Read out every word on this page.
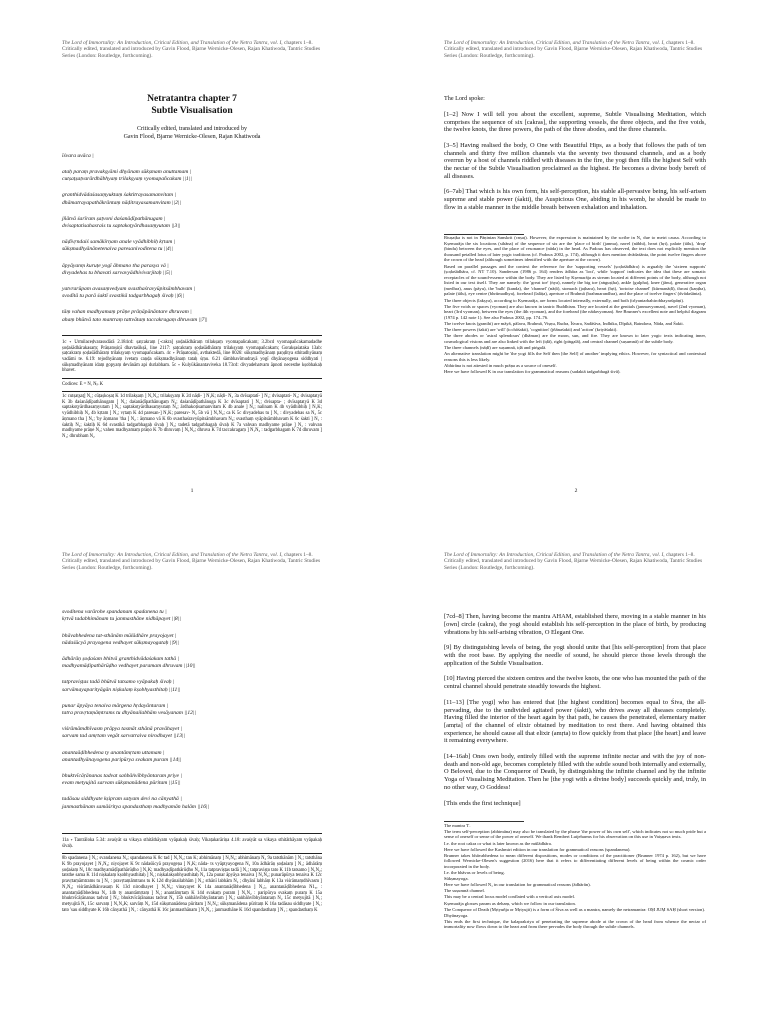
The Lord of Immortality: An Introduction, Critical Edition, and Translation of the Netra Tantra, vol. I, chapters 1–8. Critically edited, translated and introduced by Gavin Flood, Bjarne Wernicke-Olesen, Rajan Khatiwoda, Tantric Studies Series (London: Routledge, forthcoming).
Netratantra chapter 7
Subtle Visualisation
Critically edited, translated and introduced by
Gavin Flood, Bjarne Wernicke-Olesen, Rajan Khatiwoda
īśvara uvāca |
ataḥ paraṃ pravakṣyāmi dhyānam sūkṣmam anuttamam |
cutṣaṭṣaṭvarārdhābhyaṃ trilakṣyaṃ vyomapañcakam ||1||
granthidvādaśasaṃyuktaṃ śaktitrayasamanvitam |
dhāmatrayapathākrāntaṃ nāḍitrayasamanvitam ||2||
jñātvā śarīram ṣaṭvoni daśanāḍīpathānugam |
dvisaptatisahasrais tu saptakoṭyārdhasaṃyutam ||3||
nāḍīvṛndaiś samākīrṇam anale vyādhibhiḥ kṛtam |
sūkṣmadhyānānetenaiva paresanivoditena tu ||4||
āpyāyanṃ kuruṭe yogī āhmano tha parasya vā |
divyadehas tu bhavati sarvavyādhivivarjitaḥ ||5||
yatvrarūpam avasaṃvedyam svasthaśravyūpitsāmbhavam |
svodītā tu parā śaktī svastikā tadgarbhagaḥ śivaḥ ||6||
tāṃ vahan madhyamaṃ prāṇe prāṇāpānāntare dhruvam |
ahaṃ bhūtvā tato mantraṃ tattvātaṃ taccakragaṃ dhruvam ||7||
1c ∘ Urmilaceḍvarasudārā 2.184cd: ṣaṭcakraṃ [-cakra] ṣoḍaśādhāraṃ trilakṣaṃ vyomapañcakam; 3.2bcd vyomapañcakamadadhe ṣoḍaśādhārakasaṃ; Prāṇatoṣiṇī dhavtaśikṣā, line 2117: ṣaṭcakraṃ ṣoḍaśādhāraṃ trilakṣyaṃ vyomapañcakam; Gorakṣaśataka 13ab: ṣaṭcakraṃ ṣoḍaśādhāraṃ trilakṣyaṃ vyomapañcakam. 4c ∘ Prāṇatoṣiṇī, avtbaktedā, line 8026: sūkṣmadhyānaṃ paṇḍitya sthitadhyānaṃ vadāmi te. 6.19: tejodhyānaṃ ivetaṃ caṇḍa sūkṣmadhyānaṃ tataḥ śṛṇu. 6.21 śāmbhavīmudrayā yogī dhyānayogena siddhyati | sūkṣmadhyānam idaṃ gopyaṃ devānām api durlabham. 5c ∘ Kulyūkānantaviveka 18.73cd: divyadehatvam āpnoti necesthe kṣobhakaḥ bhavet.
Codices: E = N, Nₚ K
1c cutṣaṭṣaṭ] N₁; cūṭaṣkoṣaṭ K 1d trilakṣaṃ ] N₁N₂; trilakṣyaṃ K 2d nāḍi- ] N₁K; nāḍi- N₂ 3a dvīsaptatī- ] N₁; dvisaptati- N₂; dvisaptatyā K 3b daśanāḍīpathānugam ] N₁; daśanāḍīpathānugaṃ N₂; daśanāḍīpathānuga K 3c dvīsaptati ] N₁; dvisapta- ; dvīsaptatyā K 3d saptakoṭyārdhasaṃyutam ] N₁; saptakoṭyārdhasaṃyutaṃ N₂; ārdhakoṭisamanvitam K 4b anale ] N₁; nalinam K 4b vyādhibhiḥ ] N₁K; vyādhibhiḥ N₂ 4b kṛtam ] N₁; vṛtaṃ K 4d paresan-] N₁K; paresav- N₂ 5b vā ] N₁N₂; ca K 5c divyadehas tu ] N₁ : divyadehas sa N₂ 5c āṇmano tha ] N₁; 'by āṇmano 'tha ] N₂ : āṇmano vā K 6b svasthaśravyūpitsāmbhavam N₂; svasthaṃ syāpitsāmbhavam K 6c śakti ] N₁ : śaktiḥ N₂; śaktiḥ K 6d svastikā tadgarbhagaḥ śivaḥ ] N₂; tadetā tadgarbhagaḥ śivaḥ K 7a vahvan madhyame prāṇe ] N₁ : vahvan madhyame prāṇe N₂; vahen madhyamaṃ prāṇo K 7b dhruvaṃ ] N₁N₂; dhruva K 7d taccakragaṃ ] N₁N₂ : tadgarbhagam K 7d dhruvam ] N₁; dhrubham N₂
1
The Lord of Immortality: An Introduction, Critical Edition, and Translation of the Netra Tantra, vol. I, chapters 1–8. Critically edited, translated and introduced by Gavin Flood, Bjarne Wernicke-Olesen, Rajan Khatiwoda, Tantric Studies Series (London: Routledge, forthcoming).
The Lord spoke:
[1–2] Now I will tell you about the excellent, supreme, Subtle Visualising Meditation, which comprises the sequence of six [cakras], the supporting vessels, the three objects, and the five voids, the twelve knots, the three powers, the path of the three abodes, and the three channels.
[3–5] Having realised the body, O One with Beautiful Hips, as a body that follows the path of ten channels and thirty five million channels via the seventy two thousand channels, and as a body overrun by a host of channels riddled with diseases in the fire, the yogi then fills the highest Self with the nectar of the Subtle Visualisation proclaimed as the highest. He becomes a divine body bereft of all diseases.
[6–7ab] That which is his own form, his self-perception, his stable all-pervasive being, his self-arisen supreme and stable power (śakti), the Auspicious One, abiding in his womb, he should be made to flow in a stable manner in the middle breath between exhalation and inhalation.
Rtuṣaṭka is not in Pāṇinian Sanskrit (cnṣaṭ). However, the expression is maintained by the scribe in N₁ due to metri causa. According to Kṣemarāja the six locations (sthāna) of the sequence of six are the 'place of birth' (janma), navel (nābhi), heart (hṛt), palate (tālu), 'drop' (bindu) between the eyes, and the place of resonance (nāda) in the head. As Padoux has observed, the text does not explicitly mention the thousand petalled lotus of later yogic traditions (cf. Padoux 2002, p. 174), although it does mention dvādaśānta, the point twelve fingers above the crown of the head (although sometimes identified with the aperture at the crown).
Based on parallel passages and the context the reference for the 'supporting vessels' (ṣoḍaśādhāra) is arguably the 'sixteen supports' (ṣoḍaśādhāra, cf. NT 7.10). Sanderson (1986 p. 164) renders ādhāra as 'loci', while 'support' indicates the idea that these are somatic receptacles of the sound-essence within the body. They are listed by Kṣemarāja as stream located at different points of the body, although not listed in our text itself. They are namely: the 'great toe' (ṅya), namely the big toe (aṅguṣṭha), ankle (gulpha), knee (jānu), generative organ (medhra), anus (pāyu), the 'bulb' (kanda), the 'channel' (nāḍi), stomach (jaṭhara), heart (hṛt), 'tortoise channel' (kūrmanāḍī), throat (kaṇṭha), palate (tālu), eye centre (bhrūmadhya), forehead (lalāṭa), aperture of Brahmā (brahmarandhra), and the place of twelve fingers' (dvādaśānta).
The three objects (lakṣya), according to Kṣemarāja, are forms located internally, externally, and both (trlyantarbahirobhayarūpāṇi).
The five voids or spaces (vyoman) are also known in tantric Buddhism. They are located at the genitals (janmavyoman), navel (2nd vyoman), heart (3rd vyoman), between the eyes (the 4th vyoman), and the forehead (the nādavyoman). See Brunner's excellent note and helpful diagram (1974 p. 142 note 1). See also Padoux 2002, pp. 174–76.
The twelve knots (granthi) are māyā, pālava, Brahmā, Viṣṇu, Rudra, Īśvara, Sadāśiva, Indhika, Dīpikā, Baindava, Nāda, and Śakti.
The three powers (śakti) are 'will' (icchāśakti), 'cognition' (jñānaśakti) and 'action' (kriyāśakti).
The three abodes or 'astral splendours' (dhāman) are the moon, sun, and fire. They are known to later yogic texts indicating inner, cosmological visions and are also linked with the left (iḍā), right (piṅgalā), and central channel (suṣumnā) of the subtle body.
The three channels (nāḍī) are suṣumnā, iḍā and piṅgalā.
An alternative translation might be 'the yogi fills the Self then [the Self] of another' implying ethics. However, for syntactical and contextual reasons this is less likely.
Abhirāna is not attested in much prāṇa as a source of oneself.
Here we have followed K in our translation for grammatical reasons (sadaktā tadgarbhagā śivā).
2
The Lord of Immortality: An Introduction, Critical Edition, and Translation of the Netra Tantra, vol. I, chapters 1–8. Critically edited, translated and introduced by Gavin Flood, Bjarne Wernicke-Olesen, Rajan Khatiwoda, Tantric Studies Series (London: Routledge, forthcoming).
svoditena varārohe spandanam spadanena tu |
kṛtvā tadabhimānam tu janmasthāne nidhāpayet ||8||
bhāvabhedena tat-sthānām mūlādhāre prayojayet |
nādaśūcyā prayogena vedhayet sūkṣmayogataḥ ||9||
ādhārāṇ ṣoḍaśam bhitvā granthidvādaśakam tathā |
madhyamāḍipathārūḍho vedhayet paramam dhruvam ||10||
tatpraviṣṭas tadā bhūtvā tatsamo vyāpakaḥ śivaḥ |
sarvāmayaparityāgān niṣkalaṃ kṣobhyasthitaḥ ||11||
punar āpyāya tenaiva mārgena hṛdayāntaram |
tatra pravṛtaṃāṃtrams tu dhyānailabhām vesāyanam ||12||
viśrāmāmdhīvasm prāpya tasmāt sthānā pravāhayet |
sarvam tad amṛtam vegāt sarvatraiva nirodhayet ||13||
anantaāḍibhedena ty anantāmṛtam uttamam |
anantadhyānayogena paripūrya svakam puram ||14||
bhuktvīcāṛānanas tadvat saṅbāṅvībhyāntaram priye |
evam metyujitā sarvam sūkṣmanādena pūritam ||15||
tadāsau siddhyate kṣipram satyam devi na cānyathā |
janmasthānam samāśritya spandasthaṃ madhyamān halām ||16||
11a ∘ Tantrāloka 5.34: avaśyāt sa vikaya sthitāthāyam vyāpakaḥ śivaḥ; Vikaṭakarāriṇa 4.18: avaśyāt sa vikaya sthitāthāyam vyāpakaḥ śivaḥ.
8b spadanena ] N₁; svandanena N₂; spandanena K 8c tad ] N₁N₂; tan K; abhimānaṃ ] N₁N₂; abhimānaṃ N₂ 9a tatsthānām ] N₁; tatsthāna K 9b prayojayet ] N₁N₂; niyojayet K 9c nādaśūcyā prayogeṇa ] N₁K; nāda- ts vyāptyayogena N₂ 10a ādhārāṇ ṣoḍaśaṃ ] N₁; ādhārāṃ ṣoḍaśaṃ N₂ 10c madhyamāḍīpathārūḍho ] N₁K; madhyaḍīpathārūḍho N₂ 11a tatpraviṣṭas tadā ] N₁; tatpraviṣṭo tato K 11b tatsamo ] N₁N₂; tatsthe sama K 11d niṣkalaṃ kṣobhyasthitaḥ ] N₁; niṣkalakṣobhyasthitaḥ N₂ 12a punar āpyāya tenaiva ] N₁N₂; punarāpūrya tenaiva K 12c pravṛtaṃāmtrams tu ] N₁ : pravṛtaṃāmtrans tu K 12d dhyānailabhām ] N₁; sthānī labhām N₂ ; dhyānī labhāṃ K 13a viśrāmaṃdhīvasm ] N₁N₂; viśrāmādhānvasaṃ K 13d nirodhayet ] N₁N₂; vinayayet K 14a anantanāḍībhedena ] N₁;ₐ anantanāḍībhedena N1ₐₑ : anantaṃāḍībhedena N₂ 14b ty anantāmṛtaṃ ] N₁; anantāmṛtaṃ K 14d svakaṃ puram ] N₁N₂ : paripūrya svakaṃ puraṃ K 15a bhuktvīcāṛānanas tadvat ] N₁; bhuktvīcāṛānanas tadvat N₂ 15b saṅbāṅvībhyāntaram ] N₁; saṅbāṅvībhyāntaraṃ N₂ 15c metyujitā ] N₁; metyujitā N₂ 15c sarvaṃ ] N₁N₂K; sarvāṃ N₂ 15d sūkṣmanādena pūritam ] N₁N₂; sūkṣmanādena pūritaṃ K 16a tadāsau siddhyate ] N₁; tato 'sau siddhyate K 16b cānyathā ] N₁ : cānyathā K 16c janmasthānam ] N₁N₂ ; janmasthāne K 16d spandasthaṃ ] N₁ ; spandasthaṃ K
The Lord of Immortality: An Introduction, Critical Edition, and Translation of the Netra Tantra, vol. I, chapters 1–8. Critically edited, translated and introduced by Gavin Flood, Bjarne Wernicke-Olesen, Rajan Khatiwoda, Tantric Studies Series (London: Routledge, forthcoming).
[7cd–8] Then, having become the mantra AHAM, established there, moving in a stable manner in his [own] circle (cakra), the yogi should establish his self-perception in the place of birth, by producing vibrations by his self-arising vibration, O Elegant One.
[9] By distinguishing levels of being, the yogi should unite that [his self-perception] from that place with the root base. By applying the needle of sound, he should pierce those levels through the application of the Subtle Visualisation.
[10] Having pierced the sixteen centres and the twelve knots, the one who has mounted the path of the central channel should penetrate steadily towards the highest.
[11–13] [The yogi] who has entered that [the highest condition] becomes equal to Śiva, the all-pervading, due to the undivided agitated power (śakti), who drives away all diseases completely. Having filled the interior of the heart again by that path, he causes the penetrated, elementary matter [amṛta] of the channel of elixir obtained by meditation to rest there. And having obtained this experience, he should cause all that elixir (amṛta) to flow quickly from that place [the heart] and leave it remaining everywhere.
[14–16ab] Ones own body, entirely filled with the supreme infinite nectar and with the joy of non-death and non-old age, becomes completely filled with the subtle sound both internally and externally, O Beloved, due to the Conqueror of Death, by distinguishing the infinite channel and by the infinite Yoga of Visualising Meditation. Then he [the yogi with a divine body] succeeds quickly and, truly, in no other way, O Goddess!
[This ends the first technique]
The mantra 'I'.
The term self-perception (abhimāna) may also be translated by the phrase 'the power of his own self', which indicates not so much pride but a sense of oneself or sense of the power of oneself. We thank Rembert Lutjeharms for his observation on this use in Vaiṣṇava texts.
I.e. the root cakra or what is later known as the mūlādhāra.
Here we have followed the Kashmiri edition in our translation for grammatical reasons (spandanena).
Brunner takes bhāvabhedena to mean different dispositions, modes or conditions of the practitioner (Brunner 1974 p. 162), but we have followed Wernicke-Olesen's suggestion (2016) here that it refers to differentiating different levels of being within the cosmic order incorporated in the body.
I.e. the bhāvas or levels of being.
Sūkṣmayoga.
Here we have followed N₁ in our translation for grammatical reasons (ādhārān).
The suṣumnā channel.
This may be a central locus model conflated with a vertical axis model.
Kṣemarāja glosses param as dehaṃ, which we follow in our translation.
The Conqueror of Death (Mṛtyuñja or Mṛtyujit) is a form of Śiva as well as a mantra, namely the netramantra: OṂ JUṂ SAḤ (short version).
Dhyānayoga.
This ends the first technique, the kalaprakriya of penetrating the supreme abode at the crown of the head from whence the nectar of immortality now flows down to the heart and from there pervades the body through the subtle channels.
